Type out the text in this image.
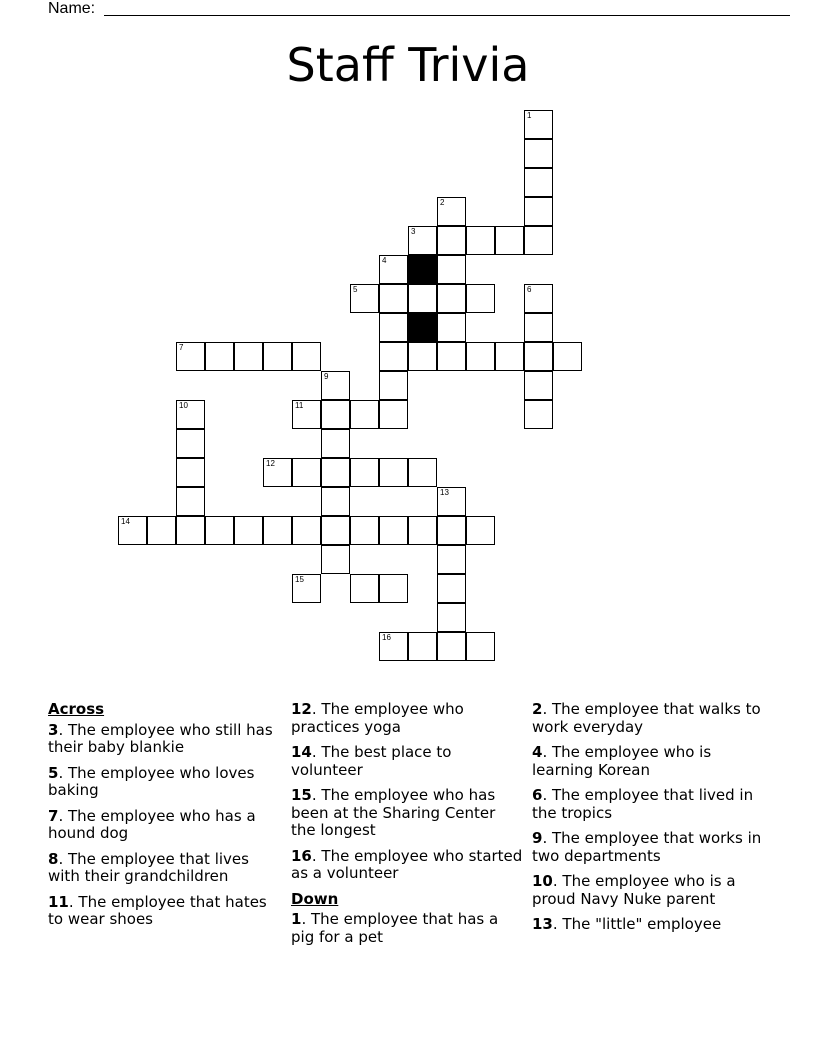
Name:
Staff Trivia
1
2
3
4
5	6
7
9
10	11
12
13
14
15
16
Across
3. The employee who still has their baby blankie
5. The employee who loves baking
7. The employee who has a hound dog
8. The employee that lives with their grandchildren
11. The employee that hates to wear shoes
12. The employee who practices yoga
14. The best place to volunteer
15. The employee who has been at the Sharing Center the longest
16. The employee who started as a volunteer
Down
1. The employee that has a pig for a pet
2. The employee that walks to work everyday
4. The employee who is learning Korean
6. The employee that lived in the tropics
9. The employee that works in two departments
10. The employee who is a proud Navy Nuke parent
13. The "little" employee
